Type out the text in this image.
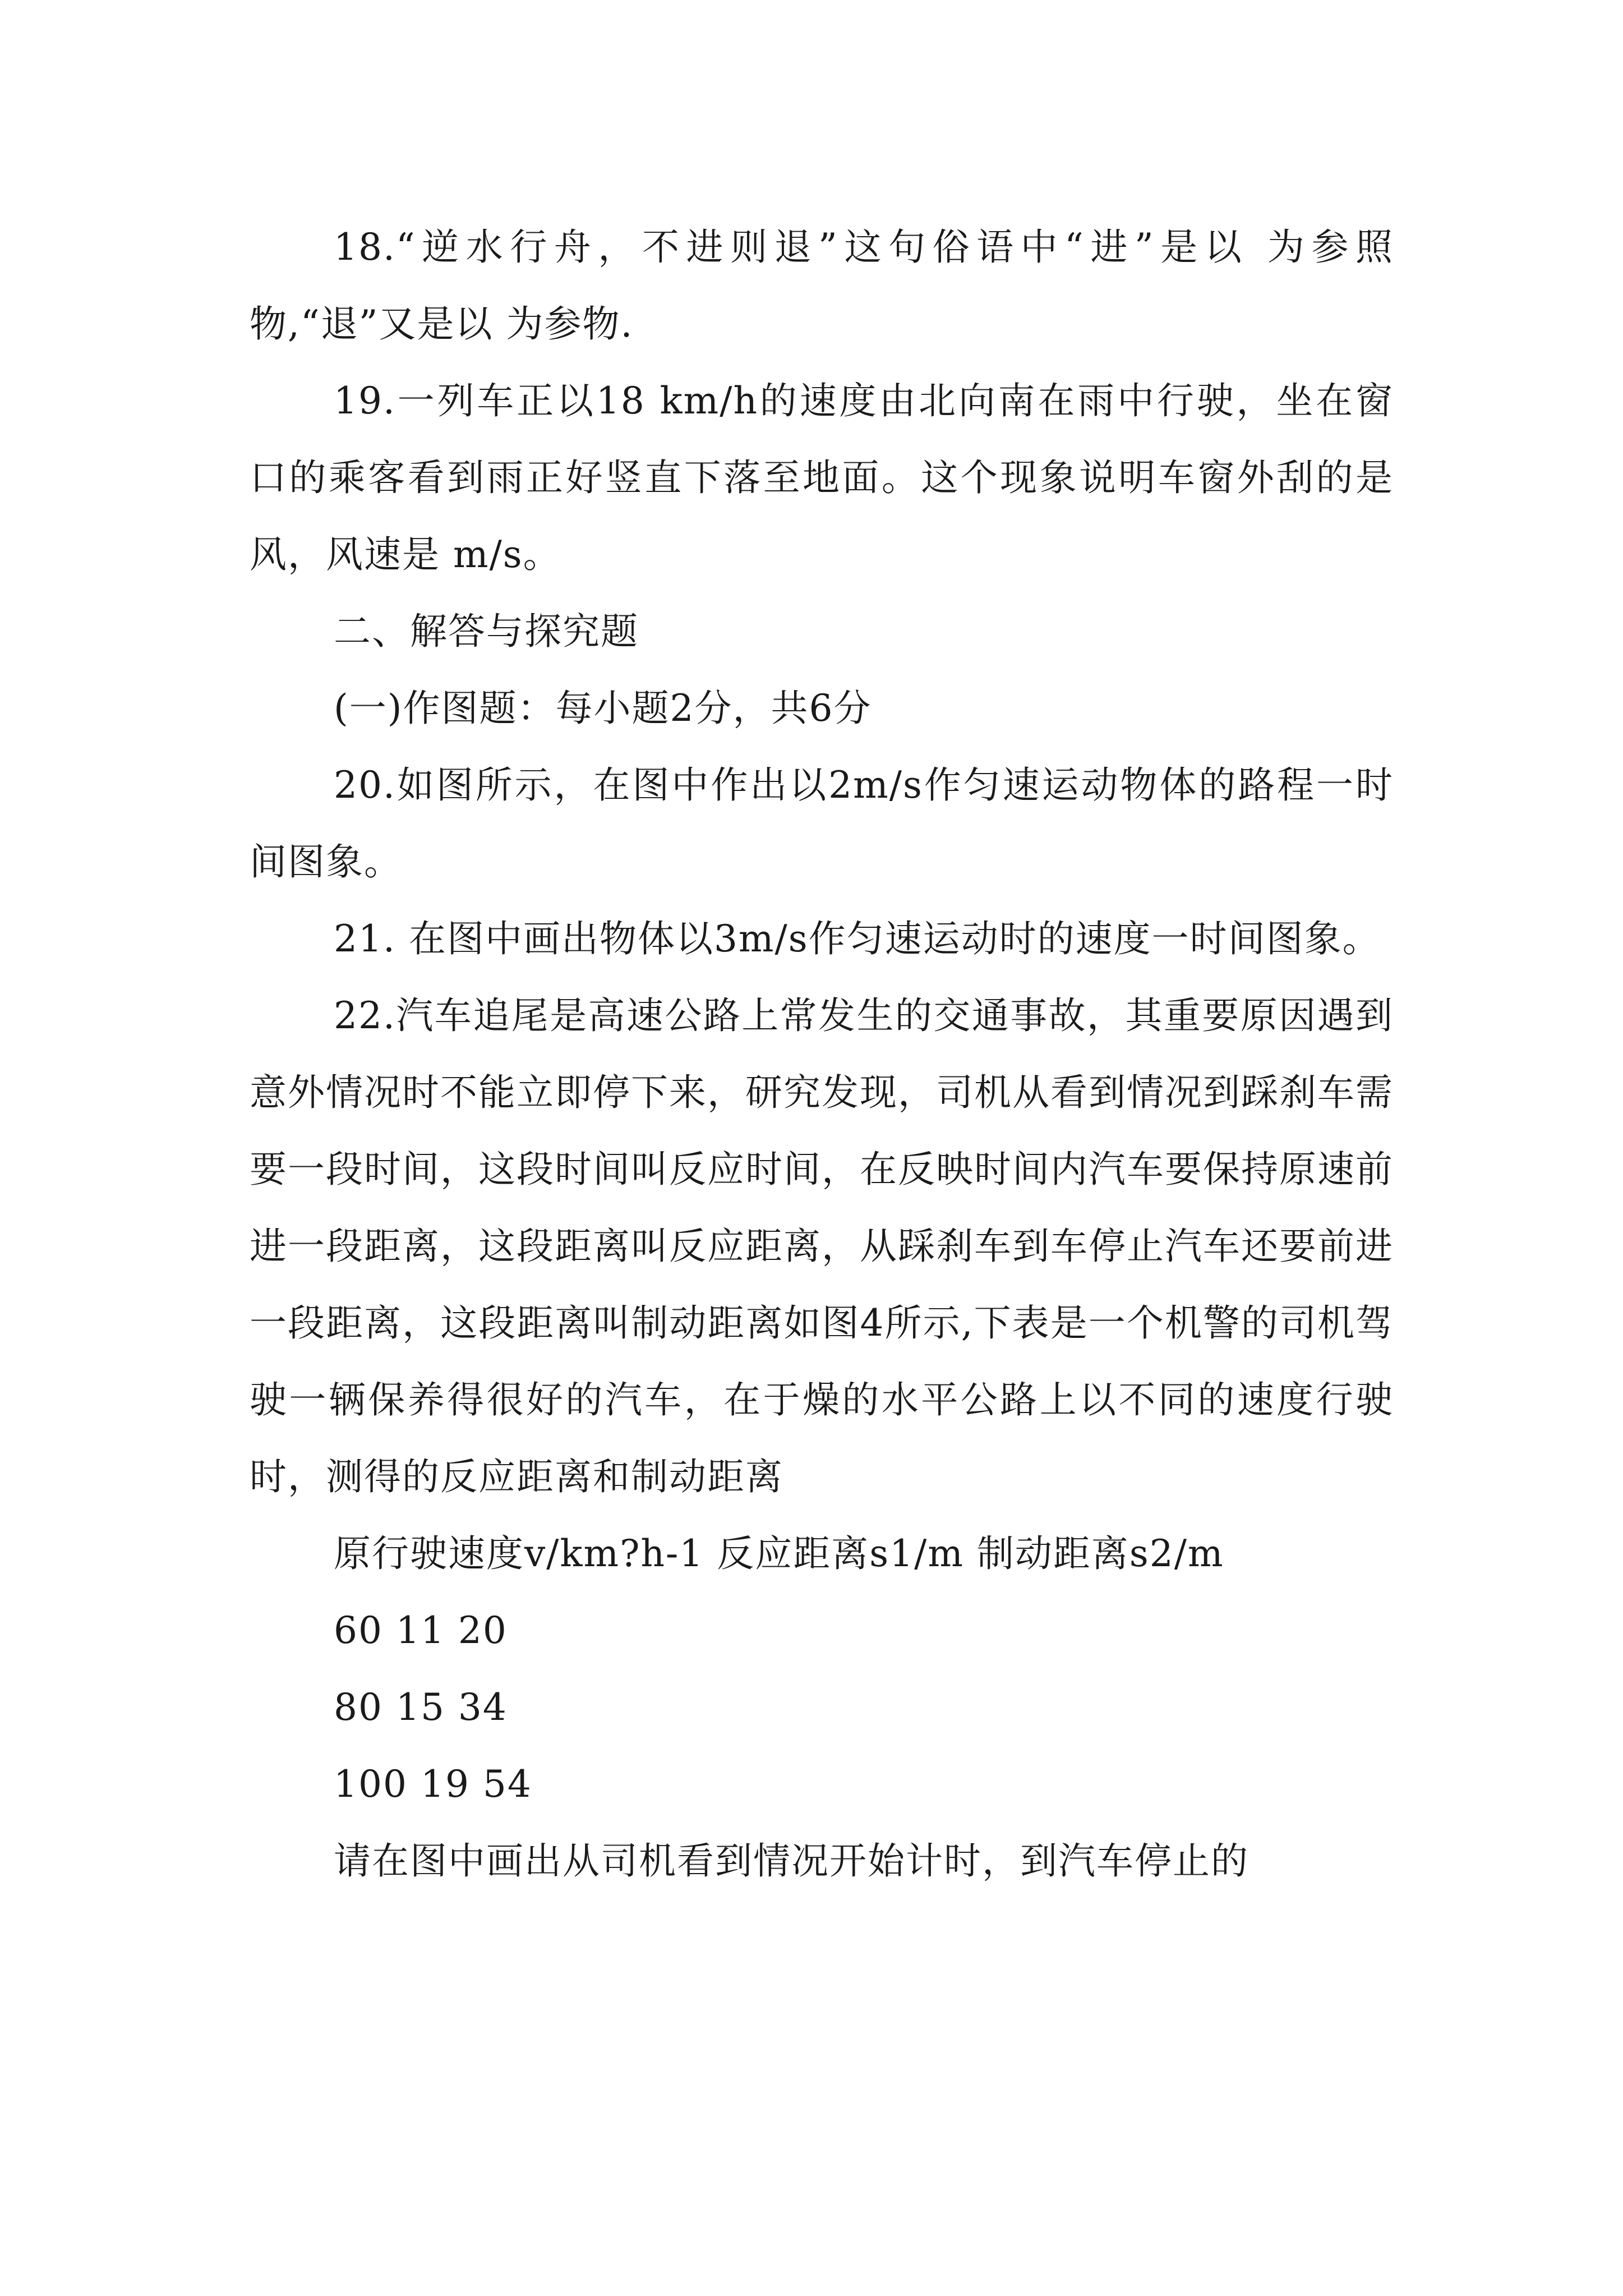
18.“逆水行舟，不进则退”这句俗语中“进”是以 为参照物,“退”又是以 为参物.

19.一列车正以18 km/h的速度由北向南在雨中行驶，坐在窗口的乘客看到雨正好竖直下落至地面。这个现象说明车窗外刮的是 风，风速是 m/s。

二、解答与探究题

(一)作图题：每小题2分，共6分

20.如图所示，在图中作出以2m/s作匀速运动物体的路程一时间图象。

21. 在图中画出物体以3m/s作匀速运动时的速度一时间图象。

22.汽车追尾是高速公路上常发生的交通事故，其重要原因遇到意外情况时不能立即停下来，研究发现，司机从看到情况到踩刹车需要一段时间，这段时间叫反应时间，在反映时间内汽车要保持原速前进一段距离，这段距离叫反应距离，从踩刹车到车停止汽车还要前进一段距离，这段距离叫制动距离如图4所示,下表是一个机警的司机驾驶一辆保养得很好的汽车，在于燥的水平公路上以不同的速度行驶时，测得的反应距离和制动距离

原行驶速度v/km?h-1 反应距离s1/m 制动距离s2/m

60 11 20

80 15 34

100 19 54

请在图中画出从司机看到情况开始计时，到汽车停止的
